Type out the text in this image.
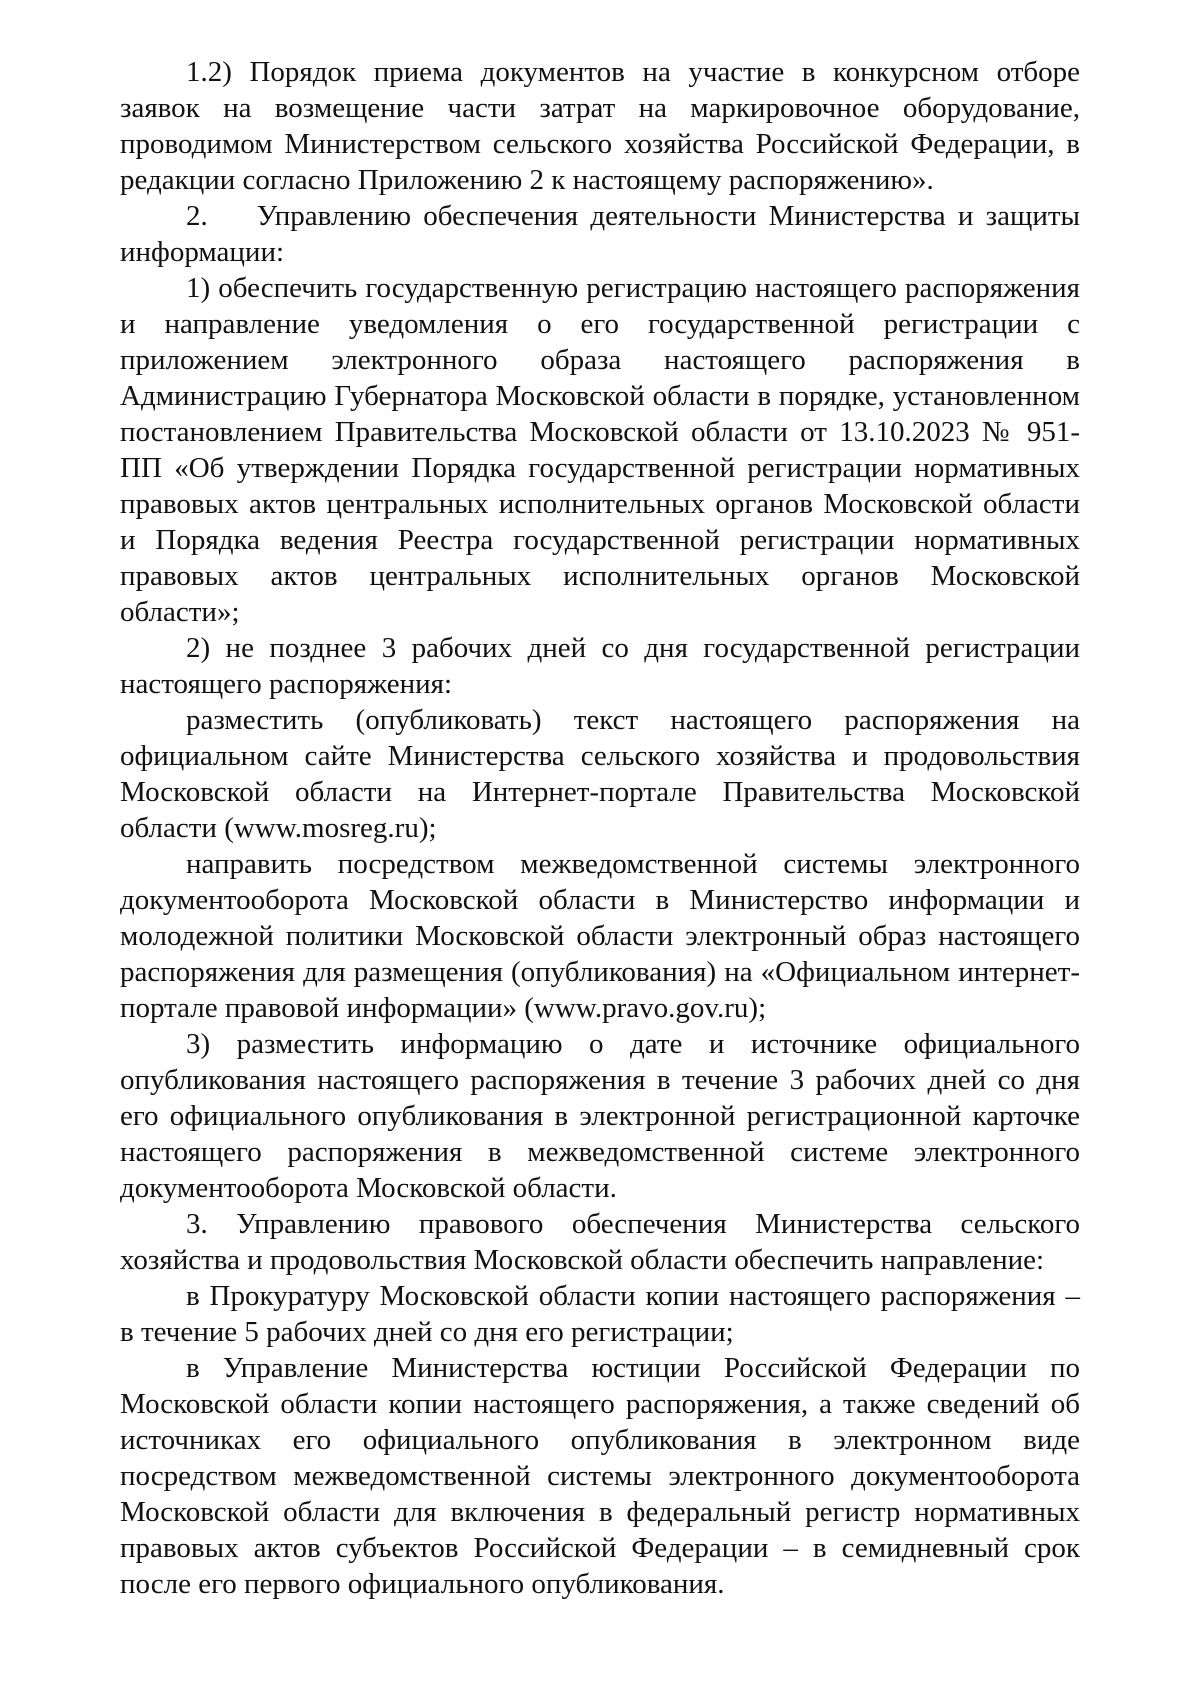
1.2) Порядок приема документов на участие в конкурсном отборе заявок на возмещение части затрат на маркировочное оборудование, проводимом Министерством сельского хозяйства Российской Федерации, в редакции согласно Приложению 2 к настоящему распоряжению».

2.    Управлению обеспечения деятельности Министерства и защиты информации:

1) обеспечить государственную регистрацию настоящего распоряжения и направление уведомления о его государственной регистрации с приложением электронного образа настоящего распоряжения в Администрацию Губернатора Московской области в порядке, установленном постановлением Правительства Московской области от 13.10.2023 № 951-ПП «Об утверждении Порядка государственной регистрации нормативных правовых актов центральных исполнительных органов Московской области и Порядка ведения Реестра государственной регистрации нормативных правовых актов центральных исполнительных органов Московской области»;

2) не позднее 3 рабочих дней со дня государственной регистрации настоящего распоряжения:

разместить (опубликовать) текст настоящего распоряжения на официальном сайте Министерства сельского хозяйства и продовольствия Московской области на Интернет-портале Правительства Московской области (www.mosreg.ru);

направить посредством межведомственной системы электронного документооборота Московской области в Министерство информации и молодежной политики Московской области электронный образ настоящего распоряжения для размещения (опубликования) на «Официальном интернет-портале правовой информации» (www.pravo.gov.ru);

3) разместить информацию о дате и источнике официального опубликования настоящего распоряжения в течение 3 рабочих дней со дня его официального опубликования в электронной регистрационной карточке настоящего распоряжения в межведомственной системе электронного документооборота Московской области.

3. Управлению правового обеспечения Министерства сельского хозяйства и продовольствия Московской области обеспечить направление:

в Прокуратуру Московской области копии настоящего распоряжения – в течение 5 рабочих дней со дня его регистрации;

в Управление Министерства юстиции Российской Федерации по Московской области копии настоящего распоряжения, а также сведений об источниках его официального опубликования в электронном виде посредством межведомственной системы электронного документооборота Московской области для включения в федеральный регистр нормативных правовых актов субъектов Российской Федерации – в семидневный срок после его первого официального опубликования.
